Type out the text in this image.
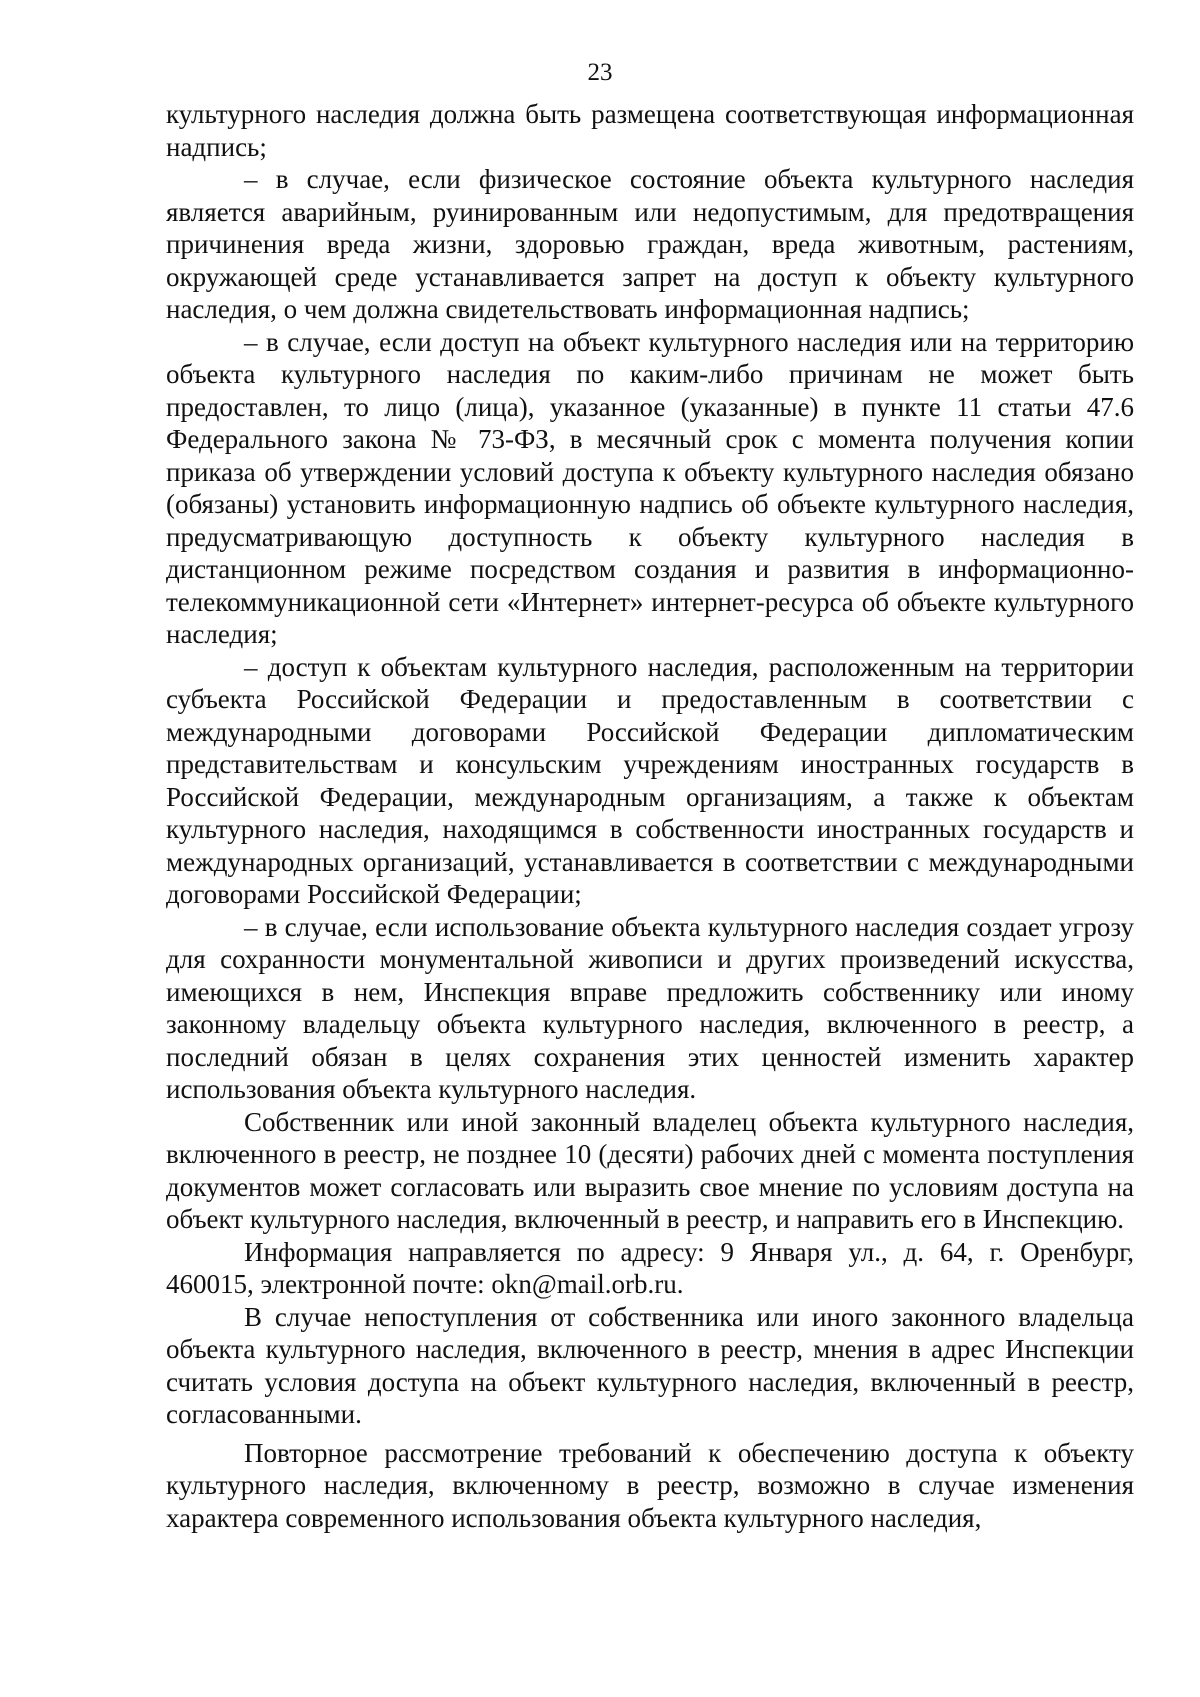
23

культурного наследия должна быть размещена соответствующая информационная надпись;

– в случае, если физическое состояние объекта культурного наследия является аварийным, руинированным или недопустимым, для предотвращения причинения вреда жизни, здоровью граждан, вреда животным, растениям, окружающей среде устанавливается запрет на доступ к объекту культурного наследия, о чем должна свидетельствовать информационная надпись;

– в случае, если доступ на объект культурного наследия или на территорию объекта культурного наследия по каким-либо причинам не может быть предоставлен, то лицо (лица), указанное (указанные) в пункте 11 статьи 47.6 Федерального закона № 73-ФЗ, в месячный срок с момента получения копии приказа об утверждении условий доступа к объекту культурного наследия обязано (обязаны) установить информационную надпись об объекте культурного наследия, предусматривающую доступность к объекту культурного наследия в дистанционном режиме посредством создания и развития в информационно-телекоммуникационной сети «Интернет» интернет-ресурса об объекте культурного наследия;

– доступ к объектам культурного наследия, расположенным на территории субъекта Российской Федерации и предоставленным в соответствии с международными договорами Российской Федерации дипломатическим представительствам и консульским учреждениям иностранных государств в Российской Федерации, международным организациям, а также к объектам культурного наследия, находящимся в собственности иностранных государств и международных организаций, устанавливается в соответствии с международными договорами Российской Федерации;

– в случае, если использование объекта культурного наследия создает угрозу для сохранности монументальной живописи и других произведений искусства, имеющихся в нем, Инспекция вправе предложить собственнику или иному законному владельцу объекта культурного наследия, включенного в реестр, а последний обязан в целях сохранения этих ценностей изменить характер использования объекта культурного наследия.

Собственник или иной законный владелец объекта культурного наследия, включенного в реестр, не позднее 10 (десяти) рабочих дней с момента поступления документов может согласовать или выразить свое мнение по условиям доступа на объект культурного наследия, включенный в реестр, и направить его в Инспекцию.

Информация направляется по адресу: 9 Января ул., д. 64, г. Оренбург, 460015, электронной почте: okn@mail.orb.ru.

В случае непоступления от собственника или иного законного владельца объекта культурного наследия, включенного в реестр, мнения в адрес Инспекции считать условия доступа на объект культурного наследия, включенный в реестр, согласованными.

Повторное рассмотрение требований к обеспечению доступа к объекту культурного наследия, включенному в реестр, возможно в случае изменения характера современного использования объекта культурного наследия,
